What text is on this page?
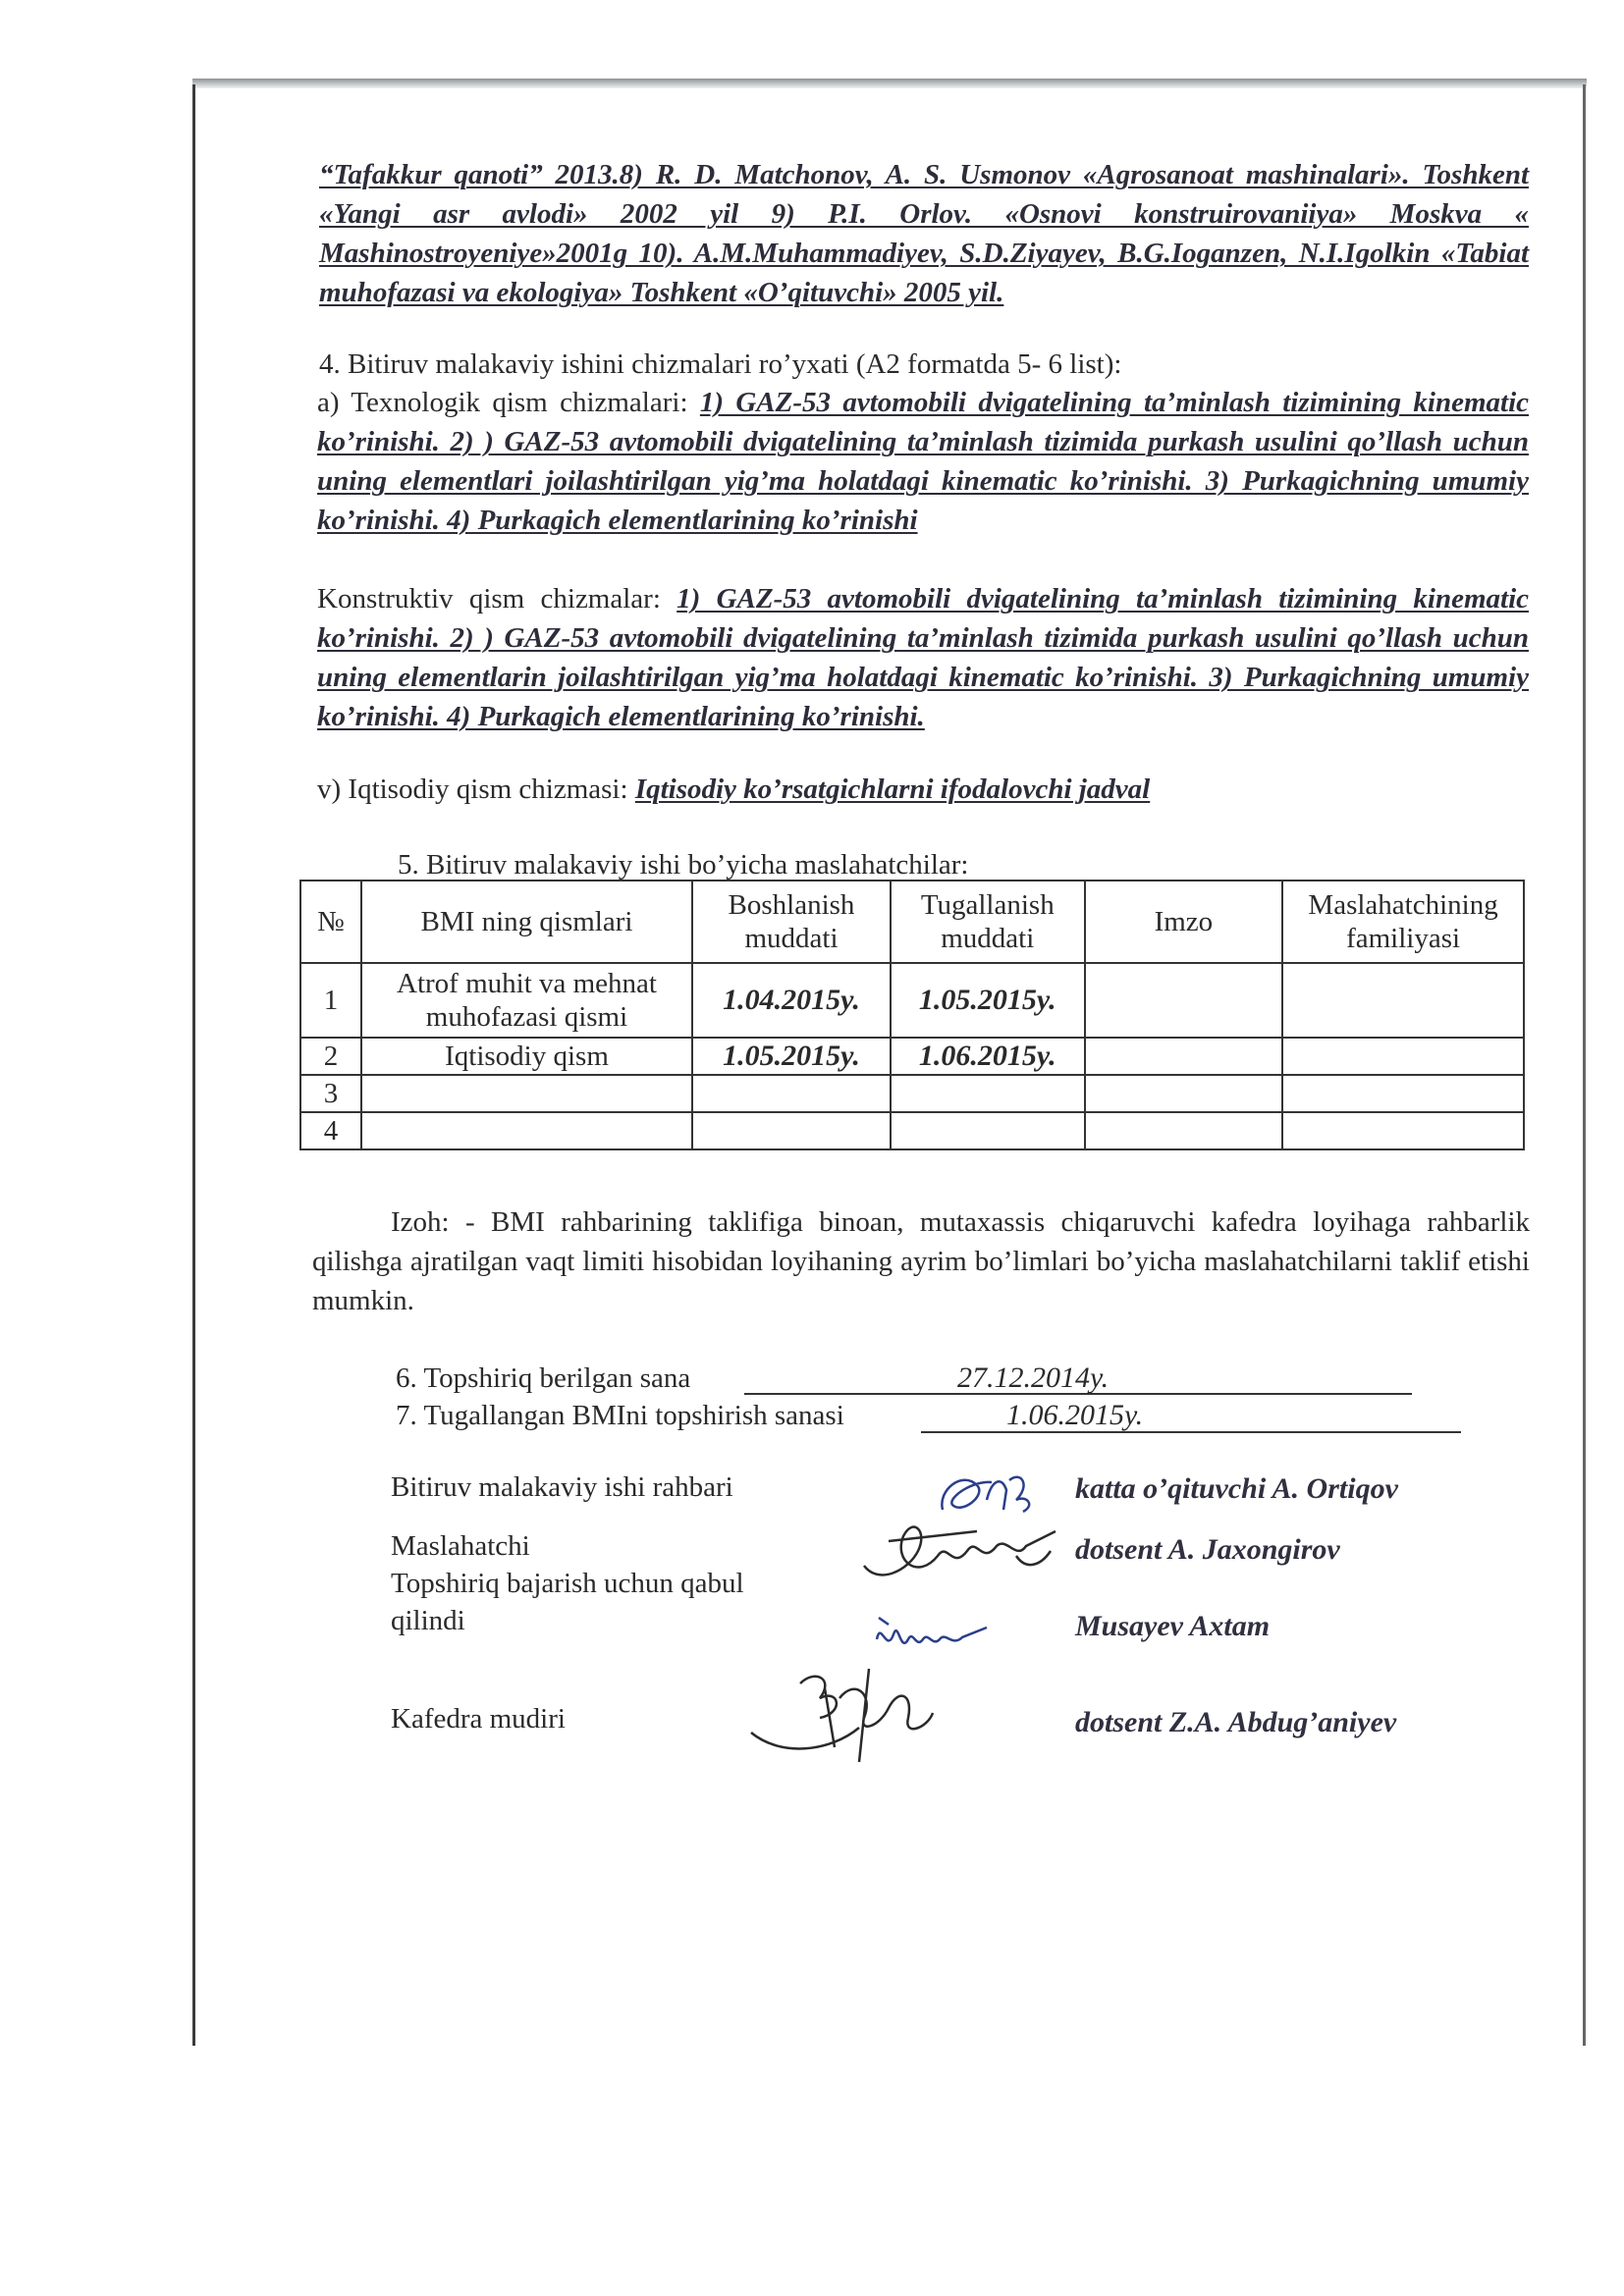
“Tafakkur qanoti” 2013.8) R. D. Matchonov, A. S. Usmonov «Agrosanoat mashinalari». Toshkent «Yangi asr avlodi» 2002 yil 9) P.I. Orlov. «Osnovi konstruirovaniiya» Moskva « Mashinostroyeniye»2001g 10). A.M.Muhammadiyev, S.D.Ziyayev, B.G.Ioganzen, N.I.Igolkin «Tabiat muhofazasi va ekologiya» Toshkent «O’qituvchi» 2005 yil.
4. Bitiruv malakaviy ishini chizmalari ro’yxati (A2 formatda 5- 6 list):
a) Texnologik qism chizmalari: 1) GAZ-53 avtomobili dvigatelining ta’minlash tizimining kinematic ko’rinishi. 2) ) GAZ-53 avtomobili dvigatelining ta’minlash tizimida purkash usulini qo’llash uchun uning elementlari joilashtirilgan yig’ma holatdagi kinematic ko’rinishi. 3) Purkagichning umumiy ko’rinishi. 4) Purkagich elementlarining ko’rinishi
Konstruktiv qism chizmalar: 1) GAZ-53 avtomobili dvigatelining ta’minlash tizimining kinematic ko’rinishi. 2) ) GAZ-53 avtomobili dvigatelining ta’minlash tizimida purkash usulini qo’llash uchun uning elementlarin joilashtirilgan yig’ma holatdagi kinematic ko’rinishi. 3) Purkagichning umumiy ko’rinishi. 4) Purkagich elementlarining ko’rinishi.
v) Iqtisodiy qism chizmasi: Iqtisodiy ko’rsatgichlarni ifodalovchi jadval
5. Bitiruv malakaviy ishi bo’yicha maslahatchilar:
№	BMI ning qismlari	Boshlanish muddati	Tugallanish muddati	Imzo	Maslahatchining familiyasi
1	Atrof muhit va mehnat muhofazasi qismi	1.04.2015y.	1.05.2015y.		
2	Iqtisodiy qism	1.05.2015y.	1.06.2015y.		
3					
4					
Izoh: - BMI rahbarining taklifiga binoan, mutaxassis chiqaruvchi kafedra loyihaga rahbarlik qilishga ajratilgan vaqt limiti hisobidan loyihaning ayrim bo’limlari bo’yicha maslahatchilarni taklif etishi mumkin.
6. Topshiriq berilgan sana	27.12.2014y.
7. Tugallangan BMIni topshirish sanasi	1.06.2015y.
Bitiruv malakaviy ishi rahbari	katta o’qituvchi A. Ortiqov
Maslahatchi	dotsent A. Jaxongirov
Topshiriq bajarish uchun qabul qilindi	Musayev Axtam
Kafedra mudiri	dotsent Z.A. Abdug’aniyev
